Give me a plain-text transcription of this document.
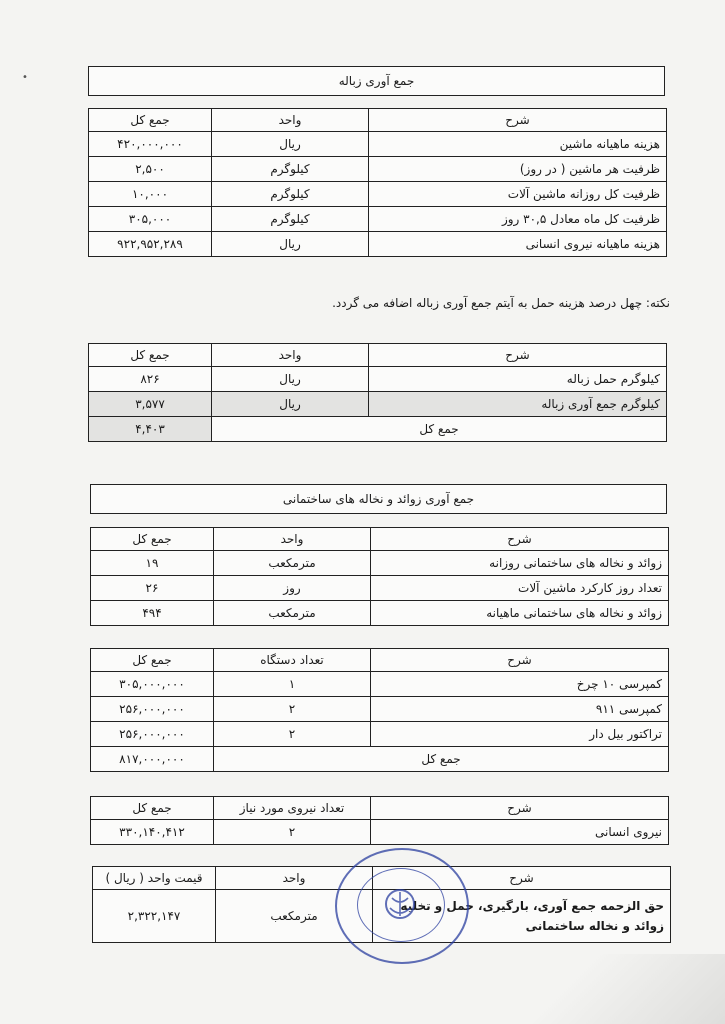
•	جمع آوری زباله
شرح	واحد	جمع کل
هزینه ماهیانه ماشین	ریال	۴۲۰,۰۰۰,۰۰۰
ظرفیت هر ماشین ( در روز)	کیلوگرم	۲,۵۰۰
ظرفیت کل روزانه ماشین آلات	کیلوگرم	۱۰,۰۰۰
ظرفیت کل ماه معادل ۳۰,۵ روز	کیلوگرم	۳۰۵,۰۰۰
هزینه ماهیانه نیروی انسانی	ریال	۹۲۲,۹۵۲,۲۸۹
نکته: چهل درصد هزینه حمل به آیتم جمع آوری زباله اضافه می گردد.
شرح	واحد	جمع کل
کیلوگرم حمل زباله	ریال	۸۲۶
کیلوگرم جمع آوری زباله	ریال	۳,۵۷۷
جمع کل		۴,۴۰۳
جمع آوری زوائد و نخاله های ساختمانی
شرح	واحد	جمع کل
زوائد و نخاله های ساختمانی روزانه	مترمکعب	۱۹
تعداد روز کارکرد ماشین آلات	روز	۲۶
زوائد و نخاله های ساختمانی ماهیانه	مترمکعب	۴۹۴
شرح	تعداد دستگاه	جمع کل
کمپرسی ۱۰ چرخ	۱	۳۰۵,۰۰۰,۰۰۰
کمپرسی ۹۱۱	۲	۲۵۶,۰۰۰,۰۰۰
تراکتور بیل دار	۲	۲۵۶,۰۰۰,۰۰۰
جمع کل		۸۱۷,۰۰۰,۰۰۰
شرح	تعداد نیروی مورد نیاز	جمع کل
نیروی انسانی	۲	۳۳۰,۱۴۰,۴۱۲
شرح	واحد	قیمت واحد ( ریال )
حق الزحمه جمع آوری، بارگیری، حمل و تخلیه زوائد و نخاله ساختمانی	مترمکعب	۲,۳۲۲,۱۴۷
